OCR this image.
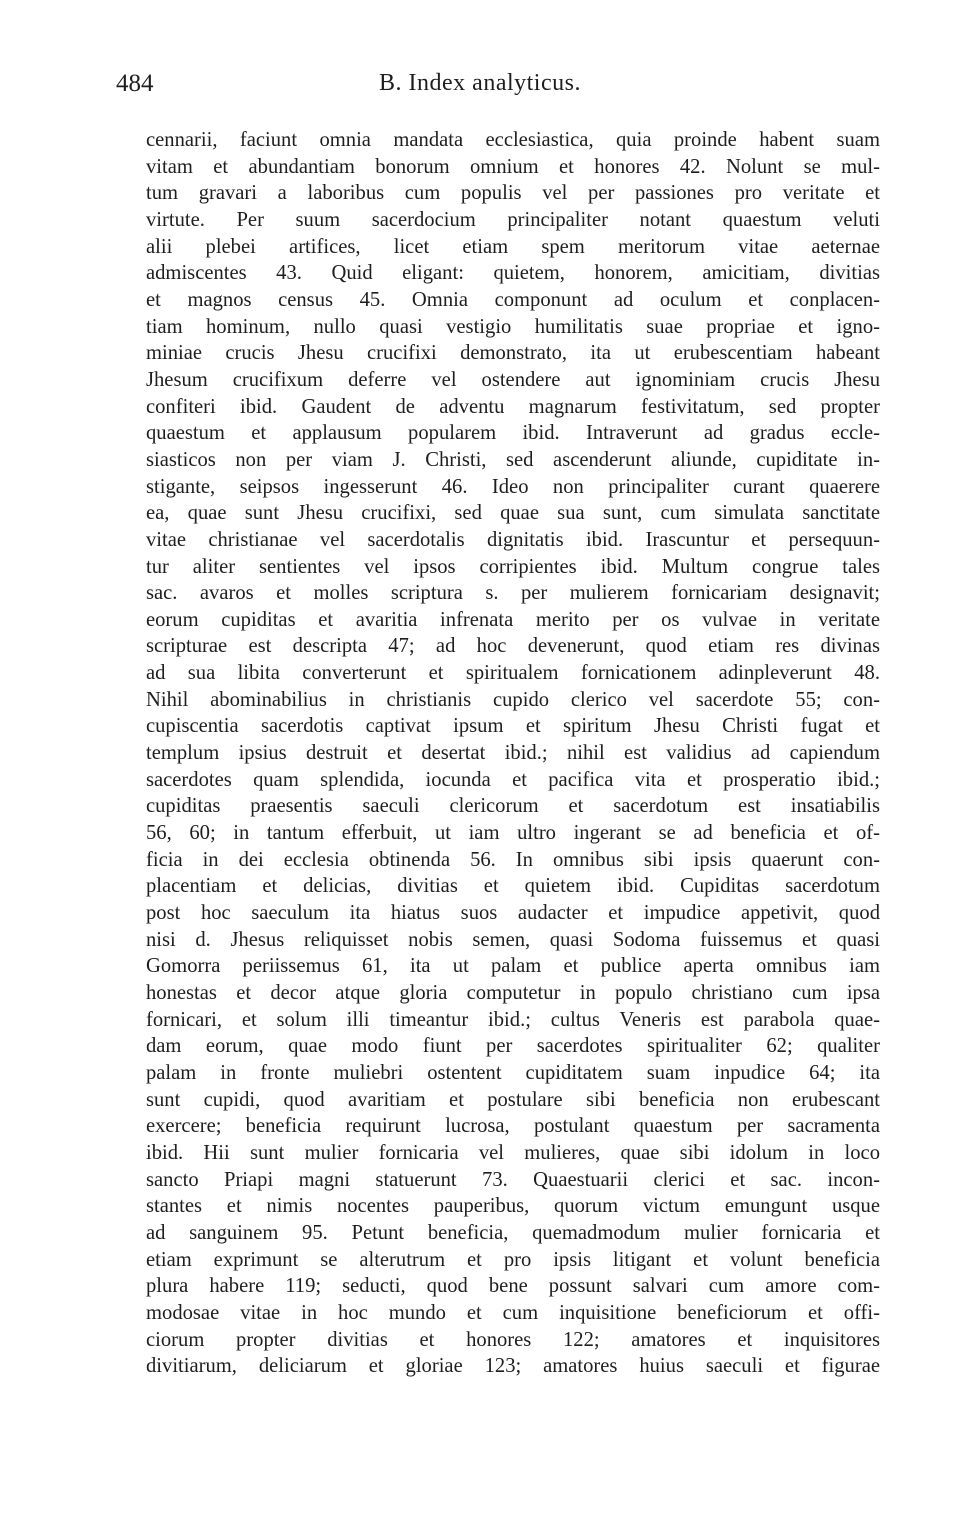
484	B. Index analyticus.

cennarii, faciunt omnia mandata ecclesiastica, quia proinde habent suam
vitam et abundantiam bonorum omnium et honores 42. Nolunt se mul-
tum gravari a laboribus cum populis vel per passiones pro veritate et
virtute. Per suum sacerdocium principaliter notant quaestum veluti
alii plebei artifices, licet etiam spem meritorum vitae aeternae
admiscentes 43. Quid eligant: quietem, honorem, amicitiam, divitias
et magnos census 45. Omnia componunt ad oculum et conplacen-
tiam hominum, nullo quasi vestigio humilitatis suae propriae et igno-
miniae crucis Jhesu crucifixi demonstrato, ita ut erubescentiam habeant
Jhesum crucifixum deferre vel ostendere aut ignominiam crucis Jhesu
confiteri ibid. Gaudent de adventu magnarum festivitatum, sed propter
quaestum et applausum popularem ibid. Intraverunt ad gradus eccle-
siasticos non per viam J. Christi, sed ascenderunt aliunde, cupiditate in-
stigante, seipsos ingesserunt 46. Ideo non principaliter curant quaerere
ea, quae sunt Jhesu crucifixi, sed quae sua sunt, cum simulata sanctitate
vitae christianae vel sacerdotalis dignitatis ibid. Irascuntur et persequun-
tur aliter sentientes vel ipsos corripientes ibid. Multum congrue tales
sac. avaros et molles scriptura s. per mulierem fornicariam designavit;
eorum cupiditas et avaritia infrenata merito per os vulvae in veritate
scripturae est descripta 47; ad hoc devenerunt, quod etiam res divinas
ad sua libita converterunt et spiritualem fornicationem adinpleverunt 48.
Nihil abominabilius in christianis cupido clerico vel sacerdote 55; con-
cupiscentia sacerdotis captivat ipsum et spiritum Jhesu Christi fugat et
templum ipsius destruit et desertat ibid.; nihil est validius ad capiendum
sacerdotes quam splendida, iocunda et pacifica vita et prosperatio ibid.;
cupiditas praesentis saeculi clericorum et sacerdotum est insatiabilis
56, 60; in tantum efferbuit, ut iam ultro ingerant se ad beneficia et of-
ficia in dei ecclesia obtinenda 56. In omnibus sibi ipsis quaerunt con-
placentiam et delicias, divitias et quietem ibid. Cupiditas sacerdotum
post hoc saeculum ita hiatus suos audacter et impudice appetivit, quod
nisi d. Jhesus reliquisset nobis semen, quasi Sodoma fuissemus et quasi
Gomorra periissemus 61, ita ut palam et publice aperta omnibus iam
honestas et decor atque gloria computetur in populo christiano cum ipsa
fornicari, et solum illi timeantur ibid.; cultus Veneris est parabola quae-
dam eorum, quae modo fiunt per sacerdotes spiritualiter 62; qualiter
palam in fronte muliebri ostentent cupiditatem suam inpudice 64; ita
sunt cupidi, quod avaritiam et postulare sibi beneficia non erubescant
exercere; beneficia requirunt lucrosa, postulant quaestum per sacramenta
ibid. Hii sunt mulier fornicaria vel mulieres, quae sibi idolum in loco
sancto Priapi magni statuerunt 73. Quaestuarii clerici et sac. incon-
stantes et nimis nocentes pauperibus, quorum victum emungunt usque
ad sanguinem 95. Petunt beneficia, quemadmodum mulier fornicaria et
etiam exprimunt se alterutrum et pro ipsis litigant et volunt beneficia
plura habere 119; seducti, quod bene possunt salvari cum amore com-
modosae vitae in hoc mundo et cum inquisitione beneficiorum et offi-
ciorum propter divitias et honores 122; amatores et inquisitores
divitiarum, deliciarum et gloriae 123; amatores huius saeculi et figurae
